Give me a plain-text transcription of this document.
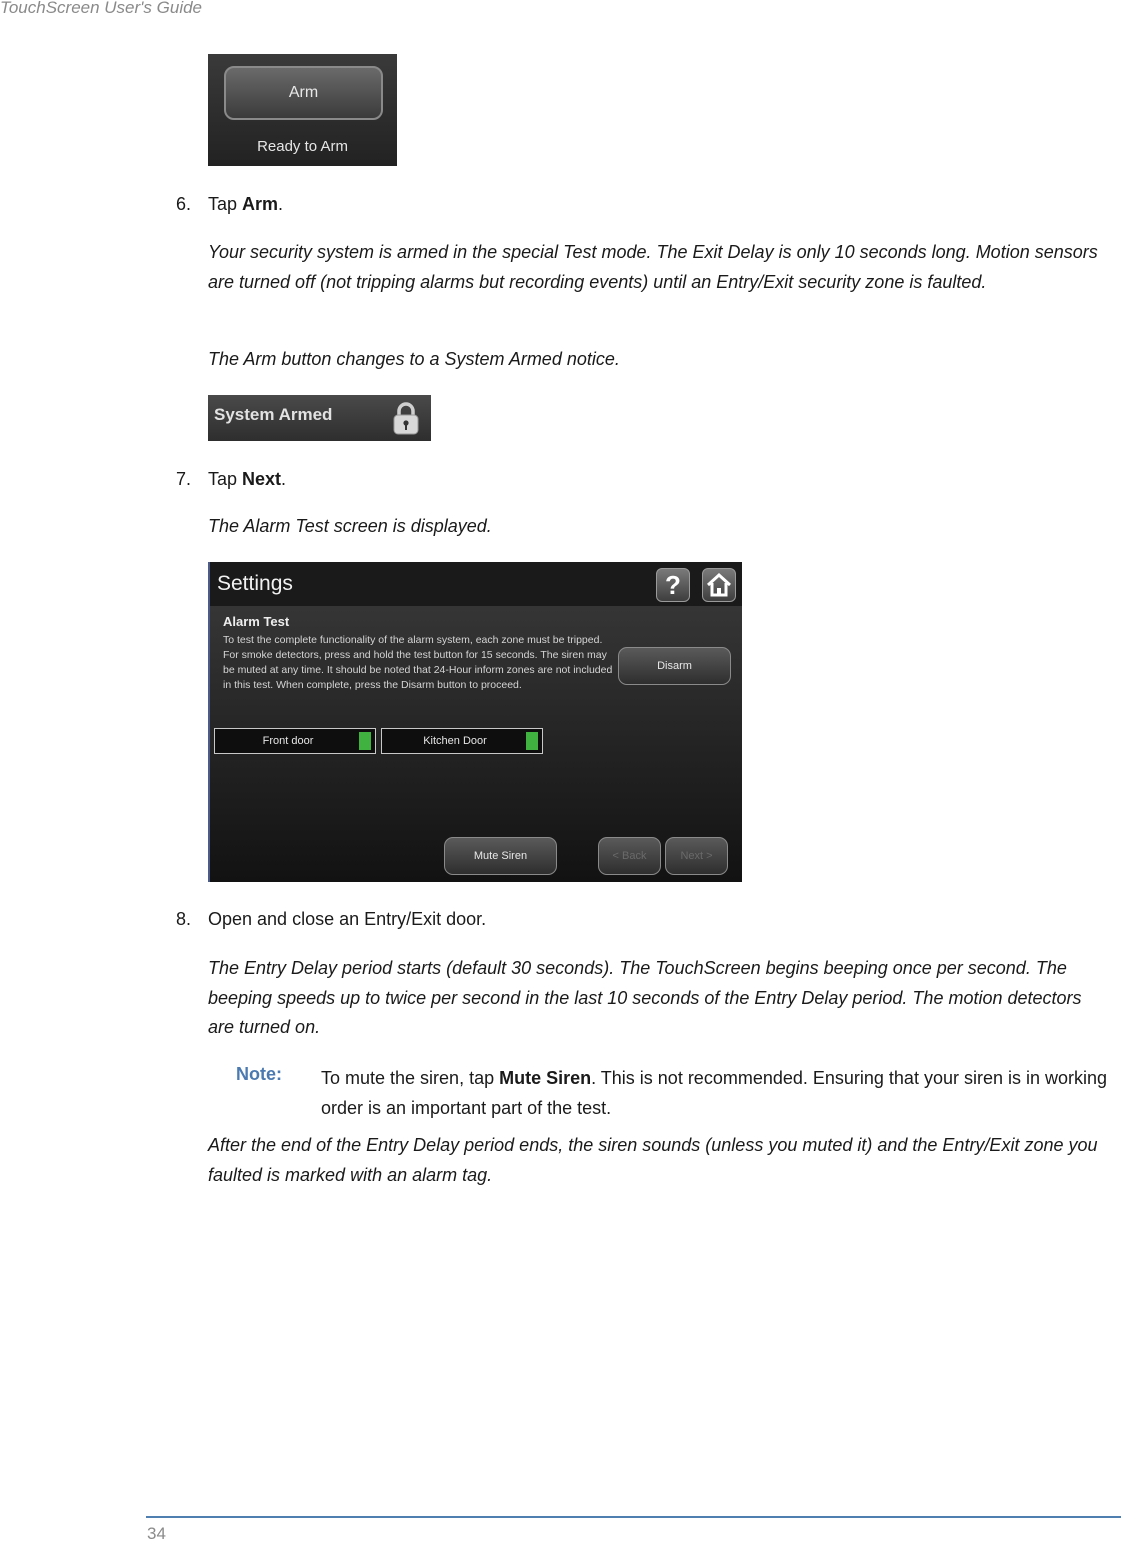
TouchScreen User's Guide
Arm
Ready to Arm
6. Tap Arm.

Your security system is armed in the special Test mode. The Exit Delay is only 10 seconds long. Motion sensors are turned off (not tripping alarms but recording events) until an Entry/Exit security zone is faulted.

The Arm button changes to a System Armed notice.

System Armed
7. Tap Next.

The Alarm Test screen is displayed.

Settings	?
Alarm Test

To test the complete functionality of the alarm system, each zone must be tripped. For smoke detectors, press and hold the test button for 15 seconds. The siren may be muted at any time. It should be noted that 24-Hour inform zones are not included in this test. When complete, press the Disarm button to proceed.

Disarm
Front door	Kitchen Door
Mute Siren	< Back	Next >
8. Open and close an Entry/Exit door.

The Entry Delay period starts (default 30 seconds). The TouchScreen begins beeping once per second. The beeping speeds up to twice per second in the last 10 seconds of the Entry Delay period. The motion detectors are turned on.

Note: To mute the siren, tap Mute Siren. This is not recommended. Ensuring that your siren is in working order is an important part of the test.

After the end of the Entry Delay period ends, the siren sounds (unless you muted it) and the Entry/Exit zone you faulted is marked with an alarm tag.

34
